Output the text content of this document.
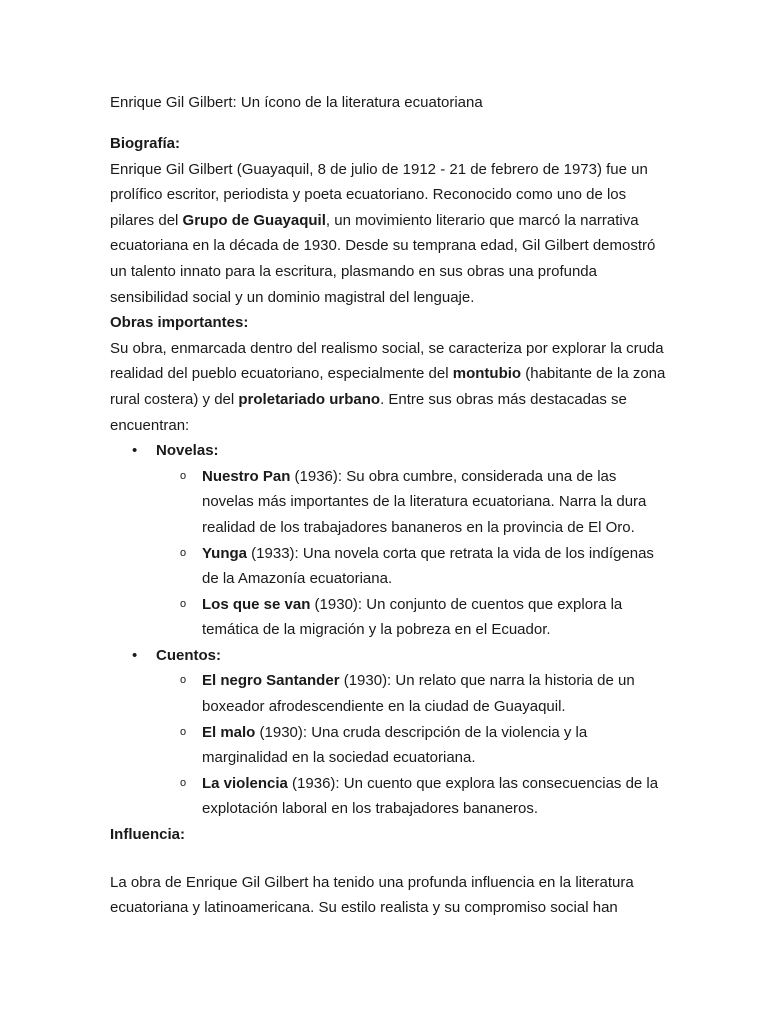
Enrique Gil Gilbert: Un ícono de la literatura ecuatoriana

Biografía:

Enrique Gil Gilbert (Guayaquil, 8 de julio de 1912 - 21 de febrero de 1973) fue un prolífico escritor, periodista y poeta ecuatoriano. Reconocido como uno de los pilares del Grupo de Guayaquil, un movimiento literario que marcó la narrativa ecuatoriana en la década de 1930. Desde su temprana edad, Gil Gilbert demostró un talento innato para la escritura, plasmando en sus obras una profunda sensibilidad social y un dominio magistral del lenguaje.

Obras importantes:

Su obra, enmarcada dentro del realismo social, se caracteriza por explorar la cruda realidad del pueblo ecuatoriano, especialmente del montubio (habitante de la zona rural costera) y del proletariado urbano. Entre sus obras más destacadas se encuentran:

• Novelas:
o Nuestro Pan (1936): Su obra cumbre, considerada una de las novelas más importantes de la literatura ecuatoriana. Narra la dura realidad de los trabajadores bananeros en la provincia de El Oro.
o Yunga (1933): Una novela corta que retrata la vida de los indígenas de la Amazonía ecuatoriana.
o Los que se van (1930): Un conjunto de cuentos que explora la temática de la migración y la pobreza en el Ecuador.
• Cuentos:
o El negro Santander (1930): Un relato que narra la historia de un boxeador afrodescendiente en la ciudad de Guayaquil.
o El malo (1930): Una cruda descripción de la violencia y la marginalidad en la sociedad ecuatoriana.
o La violencia (1936): Un cuento que explora las consecuencias de la explotación laboral en los trabajadores bananeros.

Influencia:

La obra de Enrique Gil Gilbert ha tenido una profunda influencia en la literatura ecuatoriana y latinoamericana. Su estilo realista y su compromiso social han
